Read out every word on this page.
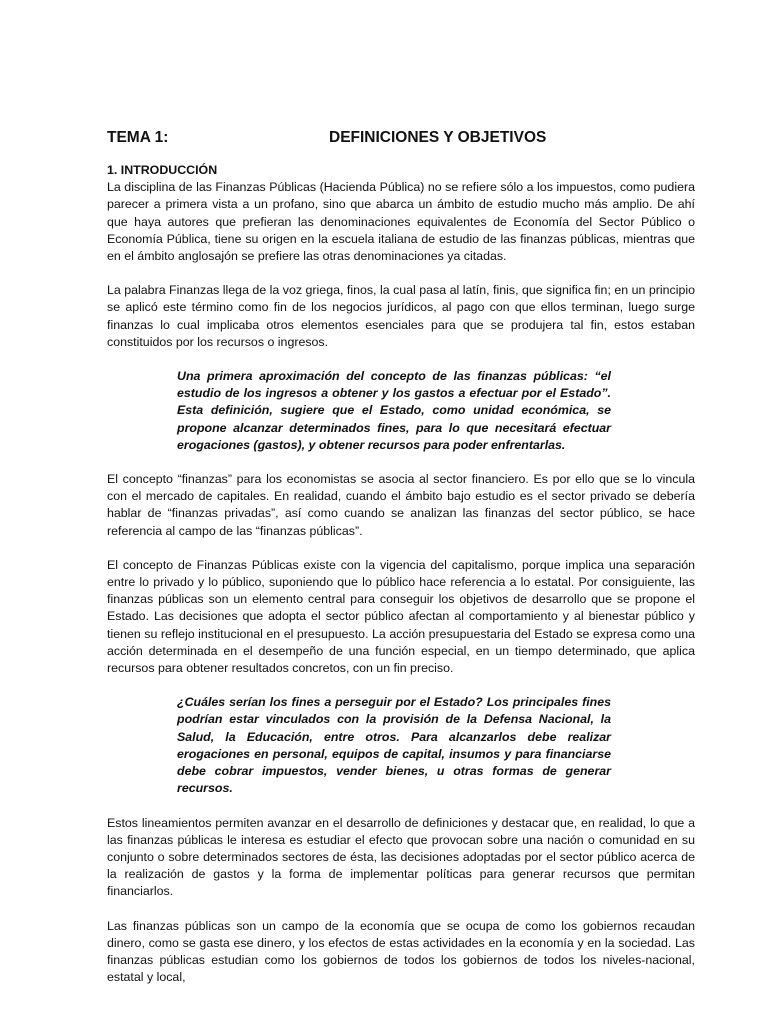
TEMA 1:	DEFINICIONES Y OBJETIVOS
1. INTRODUCCIÓN

La disciplina de las Finanzas Públicas (Hacienda Pública) no se refiere sólo a los impuestos, como pudiera parecer a primera vista a un profano, sino que abarca un ámbito de estudio mucho más amplio. De ahí que haya autores que prefieran las denominaciones equivalentes de Economía del Sector Público o Economía Pública, tiene su origen en la escuela italiana de estudio de las finanzas públicas, mientras que en el ámbito anglosajón se prefiere las otras denominaciones ya citadas.

La palabra Finanzas llega de la voz griega, finos, la cual pasa al latín, finis, que significa fin; en un principio se aplicó este término como fin de los negocios jurídicos, al pago con que ellos terminan, luego surge finanzas lo cual implicaba otros elementos esenciales para que se produjera tal fin, estos estaban constituidos por los recursos o ingresos.

Una primera aproximación del concepto de las finanzas públicas: “el estudio de los ingresos a obtener y los gastos a efectuar por el Estado”. Esta definición, sugiere que el Estado, como unidad económica, se propone alcanzar determinados fines, para lo que necesitará efectuar erogaciones (gastos), y obtener recursos para poder enfrentarlas.

El concepto “finanzas” para los economistas se asocia al sector financiero. Es por ello que se lo vincula con el mercado de capitales. En realidad, cuando el ámbito bajo estudio es el sector privado se debería hablar de “finanzas privadas”, así como cuando se analizan las finanzas del sector público, se hace referencia al campo de las “finanzas públicas”.

El concepto de Finanzas Públicas existe con la vigencia del capitalismo, porque implica una separación entre lo privado y lo público, suponiendo que lo público hace referencia a lo estatal. Por consiguiente, las finanzas públicas son un elemento central para conseguir los objetivos de desarrollo que se propone el Estado. Las decisiones que adopta el sector público afectan al comportamiento y al bienestar público y tienen su reflejo institucional en el presupuesto. La acción presupuestaria del Estado se expresa como una acción determinada en el desempeño de una función especial, en un tiempo determinado, que aplica recursos para obtener resultados concretos, con un fin preciso.

¿Cuáles serían los fines a perseguir por el Estado? Los principales fines podrían estar vinculados con la provisión de la Defensa Nacional, la Salud, la Educación, entre otros. Para alcanzarlos debe realizar erogaciones en personal, equipos de capital, insumos y para financiarse debe cobrar impuestos, vender bienes, u otras formas de generar recursos.

Estos lineamientos permiten avanzar en el desarrollo de definiciones y destacar que, en realidad, lo que a las finanzas públicas le interesa es estudiar el efecto que provocan sobre una nación o comunidad en su conjunto o sobre determinados sectores de ésta, las decisiones adoptadas por el sector público acerca de la realización de gastos y la forma de implementar políticas para generar recursos que permitan financiarlos.

Las finanzas públicas son un campo de la economía que se ocupa de como los gobiernos recaudan dinero, como se gasta ese dinero, y los efectos de estas actividades en la economía y en la sociedad. Las finanzas públicas estudian como los gobiernos de todos los gobiernos de todos los niveles-nacional, estatal y local,
